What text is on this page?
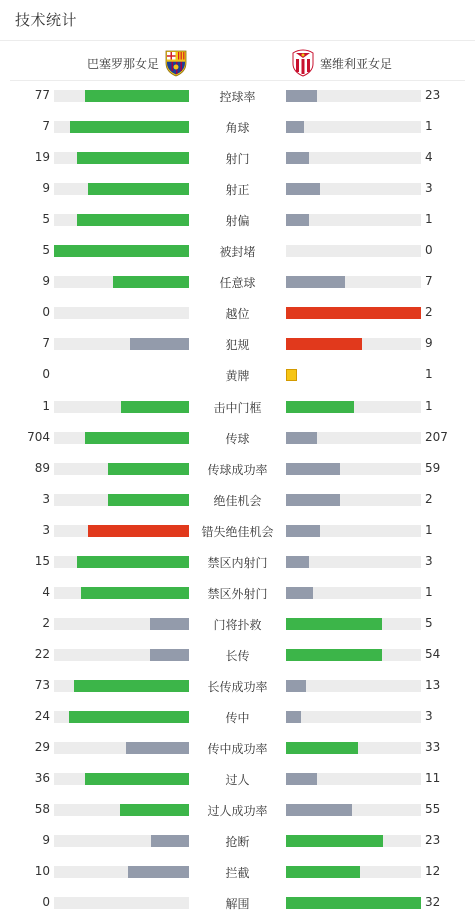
技术统计
巴塞罗那女足	塞维利亚女足
77	控球率	23
7	角球	1
19	射门	4
9	射正	3
5	射偏	1
5	被封堵	0
9	任意球	7
0	越位	2
7	犯规	9
0	黄牌	1
1	击中门框	1
704	传球	207
89	传球成功率	59
3	绝佳机会	2
3	错失绝佳机会	1
15	禁区内射门	3
4	禁区外射门	1
2	门将扑救	5
22	长传	54
73	长传成功率	13
24	传中	3
29	传中成功率	33
36	过人	11
58	过人成功率	55
9	抢断	23
10	拦截	12
0	解围	32
